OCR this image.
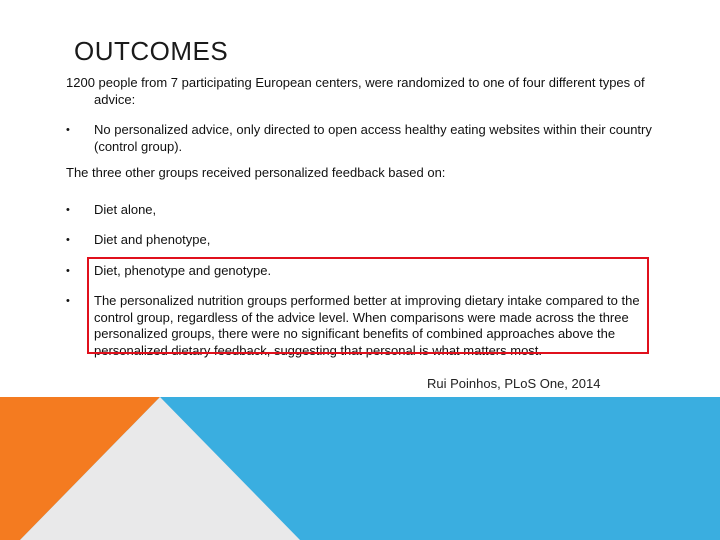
OUTCOMES

1200 people from 7 participating European centers, were randomized to one of four different types of advice:

•	No personalized advice, only directed to open access healthy eating websites within their country (control group).

The three other groups received personalized feedback based on:

•	Diet alone,
•	Diet and phenotype,
•	Diet, phenotype and genotype.
•	The personalized nutrition groups performed better at improving dietary intake compared to the control group, regardless of the advice level. When comparisons were made across the three personalized groups, there were no significant benefits of combined approaches above the personalized dietary feedback, suggesting that personal is what matters most.
Rui Poinhos, PLoS One, 2014
